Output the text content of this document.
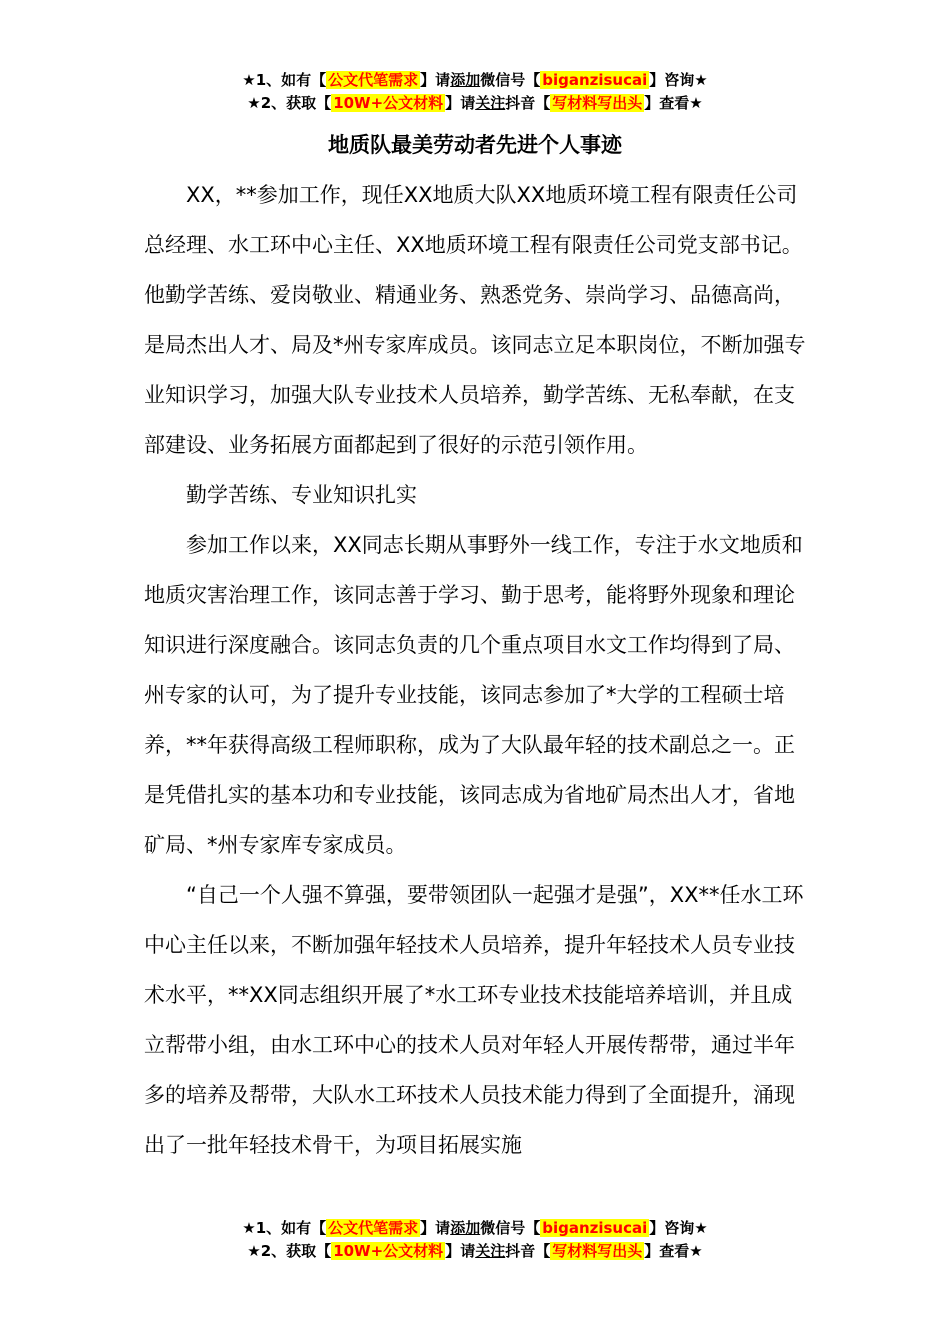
★1、如有【 公文代笔需求 】请添加微信号【 biganzisucai 】咨询★
★2、获取【 10W+公文材料 】请关注抖音【 写材料写出头 】查看★
地质队最美劳动者先进个人事迹

XX，**参加工作，现任XX地质大队XX地质环境工程有限责任公司总经理、水工环中心主任、XX地质环境工程有限责任公司党支部书记。他勤学苦练、爱岗敬业、精通业务、熟悉党务、崇尚学习、品德高尚，是局杰出人才、局及*州专家库成员。该同志立足本职岗位，不断加强专业知识学习，加强大队专业技术人员培养，勤学苦练、无私奉献，在支部建设、业务拓展方面都起到了很好的示范引领作用。

勤学苦练、专业知识扎实

参加工作以来，XX同志长期从事野外一线工作，专注于水文地质和地质灾害治理工作，该同志善于学习、勤于思考，能将野外现象和理论知识进行深度融合。该同志负责的几个重点项目水文工作均得到了局、州专家的认可，为了提升专业技能，该同志参加了*大学的工程硕士培养，**年获得高级工程师职称，成为了大队最年轻的技术副总之一。正是凭借扎实的基本功和专业技能，该同志成为省地矿局杰出人才，省地矿局、*州专家库专家成员。

“自己一个人强不算强，要带领团队一起强才是强”，XX**任水工环中心主任以来，不断加强年轻技术人员培养，提升年轻技术人员专业技术水平，**XX同志组织开展了*水工环专业技术技能培养培训，并且成立帮带小组，由水工环中心的技术人员对年轻人开展传帮带，通过半年多的培养及帮带，大队水工环技术人员技术能力得到了全面提升，涌现出了一批年轻技术骨干，为项目拓展实施

★1、如有【 公文代笔需求 】请添加微信号【 biganzisucai 】咨询★
★2、获取【 10W+公文材料 】请关注抖音【 写材料写出头 】查看★
